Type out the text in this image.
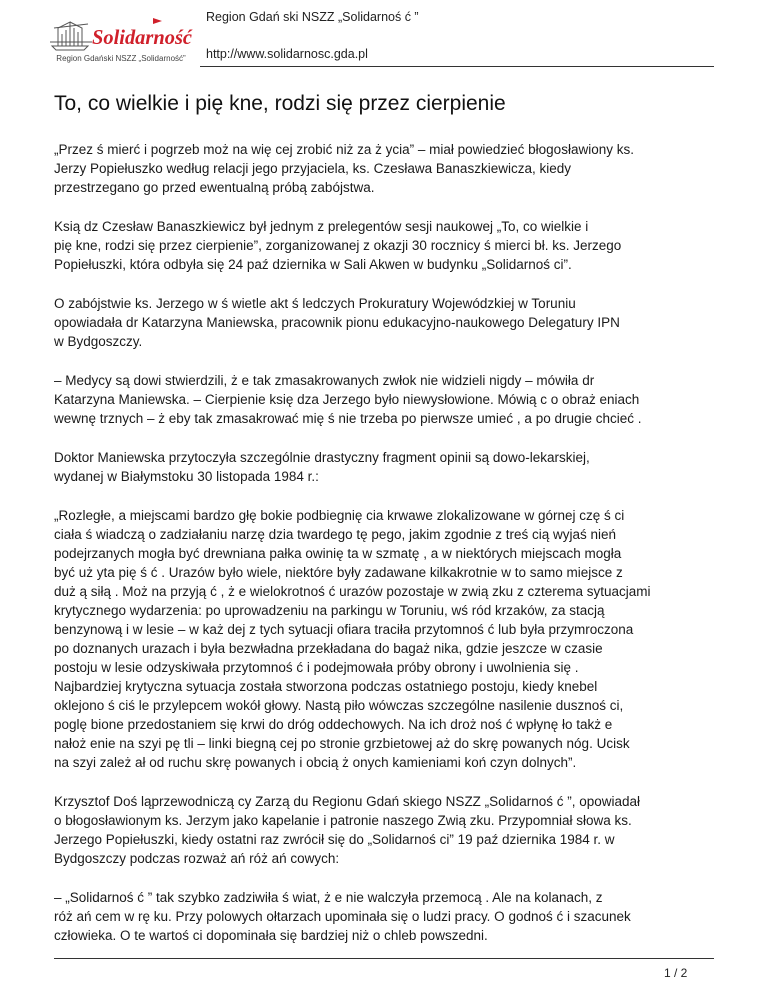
Solidarność
Region Gdański NSZZ „Solidarność”
Region Gdań ski NSZZ „Solidarnoś ć ”
http://www.solidarnosc.gda.pl
To, co wielkie i pię kne, rodzi się przez cierpienie

„Przez ś mierć i pogrzeb moż na wię cej zrobić niż za ż ycia” – miał powiedzieć błogosławiony ks.
Jerzy Popiełuszko według relacji jego przyjaciela, ks. Czesława Banaszkiewicza, kiedy
przestrzegano go przed ewentualną próbą zabójstwa.

Ksią dz Czesław Banaszkiewicz był jednym z prelegentów sesji naukowej „To, co wielkie i
pię kne, rodzi się przez cierpienie”, zorganizowanej z okazji 30 rocznicy ś mierci bł. ks. Jerzego
Popiełuszki, która odbyła się 24 paź dziernika w Sali Akwen w budynku „Solidarnoś ci”.

O zabójstwie ks. Jerzego w ś wietle akt ś ledczych Prokuratury Wojewódzkiej w Toruniu
opowiadała dr Katarzyna Maniewska, pracownik pionu edukacyjno-naukowego Delegatury IPN
w Bydgoszczy.

– Medycy są dowi stwierdzili, ż e tak zmasakrowanych zwłok nie widzieli nigdy – mówiła dr
Katarzyna Maniewska. – Cierpienie księ dza Jerzego było niewysłowione. Mówią c o obraż eniach
wewnę trznych – ż eby tak zmasakrować mię ś nie trzeba po pierwsze umieć , a po drugie chcieć .

Doktor Maniewska przytoczyła szczególnie drastyczny fragment opinii są dowo-lekarskiej,
wydanej w Białymstoku 30 listopada 1984 r.:

„Rozległe, a miejscami bardzo głę bokie podbiegnię cia krwawe zlokalizowane w górnej czę ś ci
ciała ś wiadczą o zadziałaniu narzę dzia twardego tę pego, jakim zgodnie z treś cią wyjaś nień
podejrzanych mogła być drewniana pałka owinię ta w szmatę , a w niektórych miejscach mogła
być uż yta pię ś ć . Urazów było wiele, niektóre były zadawane kilkakrotnie w to samo miejsce z
duż ą siłą . Moż na przyją ć , ż e wielokrotnoś ć urazów pozostaje w zwią zku z czterema sytuacjami
krytycznego wydarzenia: po uprowadzeniu na parkingu w Toruniu, wś ród krzaków, za stacją
benzynową i w lesie – w każ dej z tych sytuacji ofiara traciła przytomnoś ć lub była przymroczona
po doznanych urazach i była bezwładna przekładana do bagaż nika, gdzie jeszcze w czasie
postoju w lesie odzyskiwała przytomnoś ć i podejmowała próby obrony i uwolnienia się .
Najbardziej krytyczna sytuacja została stworzona podczas ostatniego postoju, kiedy knebel
oklejono ś ciś le przylepcem wokół głowy. Nastą piło wówczas szczególne nasilenie dusznoś ci,
poglę bione przedostaniem się krwi do dróg oddechowych. Na ich droż noś ć wpłynę ło takż e
nałoż enie na szyi pę tli – linki biegną cej po stronie grzbietowej aż do skrę powanych nóg. Ucisk
na szyi zależ ał od ruchu skrę powanych i obcią ż onych kamieniami koń czyn dolnych”.

Krzysztof Doś ląprzewodniczą cy Zarzą du Regionu Gdań skiego NSZZ „Solidarnoś ć ”, opowiadał
o błogosławionym ks. Jerzym jako kapelanie i patronie naszego Zwią zku. Przypomniał słowa ks.
Jerzego Popiełuszki, kiedy ostatni raz zwrócił się do „Solidarnoś ci” 19 paź dziernika 1984 r. w
Bydgoszczy podczas rozważ ań róż ań cowych:

– „Solidarnoś ć ” tak szybko zadziwiła ś wiat, ż e nie walczyła przemocą . Ale na kolanach, z
róż ań cem w rę ku. Przy polowych ołtarzach upominała się o ludzi pracy. O godnoś ć i szacunek
człowieka. O te wartoś ci dopominała się bardziej niż o chleb powszedni.

1 / 2
